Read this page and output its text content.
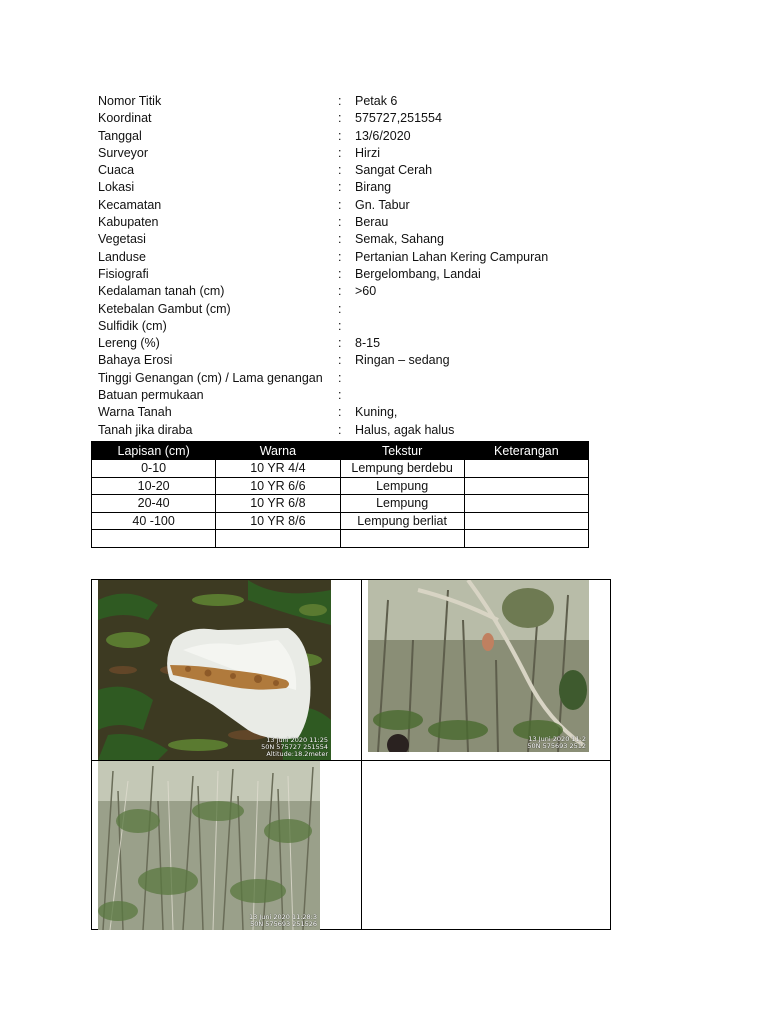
Nomor Titik	:	Petak 6
Koordinat	:	575727,251554
Tanggal	:	13/6/2020
Surveyor	:	Hirzi
Cuaca	:	Sangat Cerah
Lokasi	:	Birang
Kecamatan	:	Gn. Tabur
Kabupaten	:	Berau
Vegetasi	:	Semak, Sahang
Landuse	:	Pertanian Lahan Kering Campuran
Fisiografi	:	Bergelombang, Landai
Kedalaman tanah (cm)	:	>60
Ketebalan Gambut (cm)	:
Sulfidik (cm)	:
Lereng (%)	:	8-15
Bahaya Erosi	:	Ringan – sedang
Tinggi Genangan (cm) / Lama genangan	:
Batuan permukaan	:
Warna Tanah	:	Kuning,
Tanah jika diraba	:	Halus, agak halus
Lapisan (cm)	Warna	Tekstur	Keterangan
0-10	10 YR 4/4	Lempung berdebu	
10-20	10 YR 6/6	Lempung	
20-40	10 YR 6/8	Lempung	
40 -100	10 YR 8/6	Lempung berliat	

13 Juni 2020 11:25
50N 575727 251554
Altitude:18.2meter
13 Juni 2020 11:2
50N 575693 2512
13 Juni 2020 11:28:3
50N 575693 251526
